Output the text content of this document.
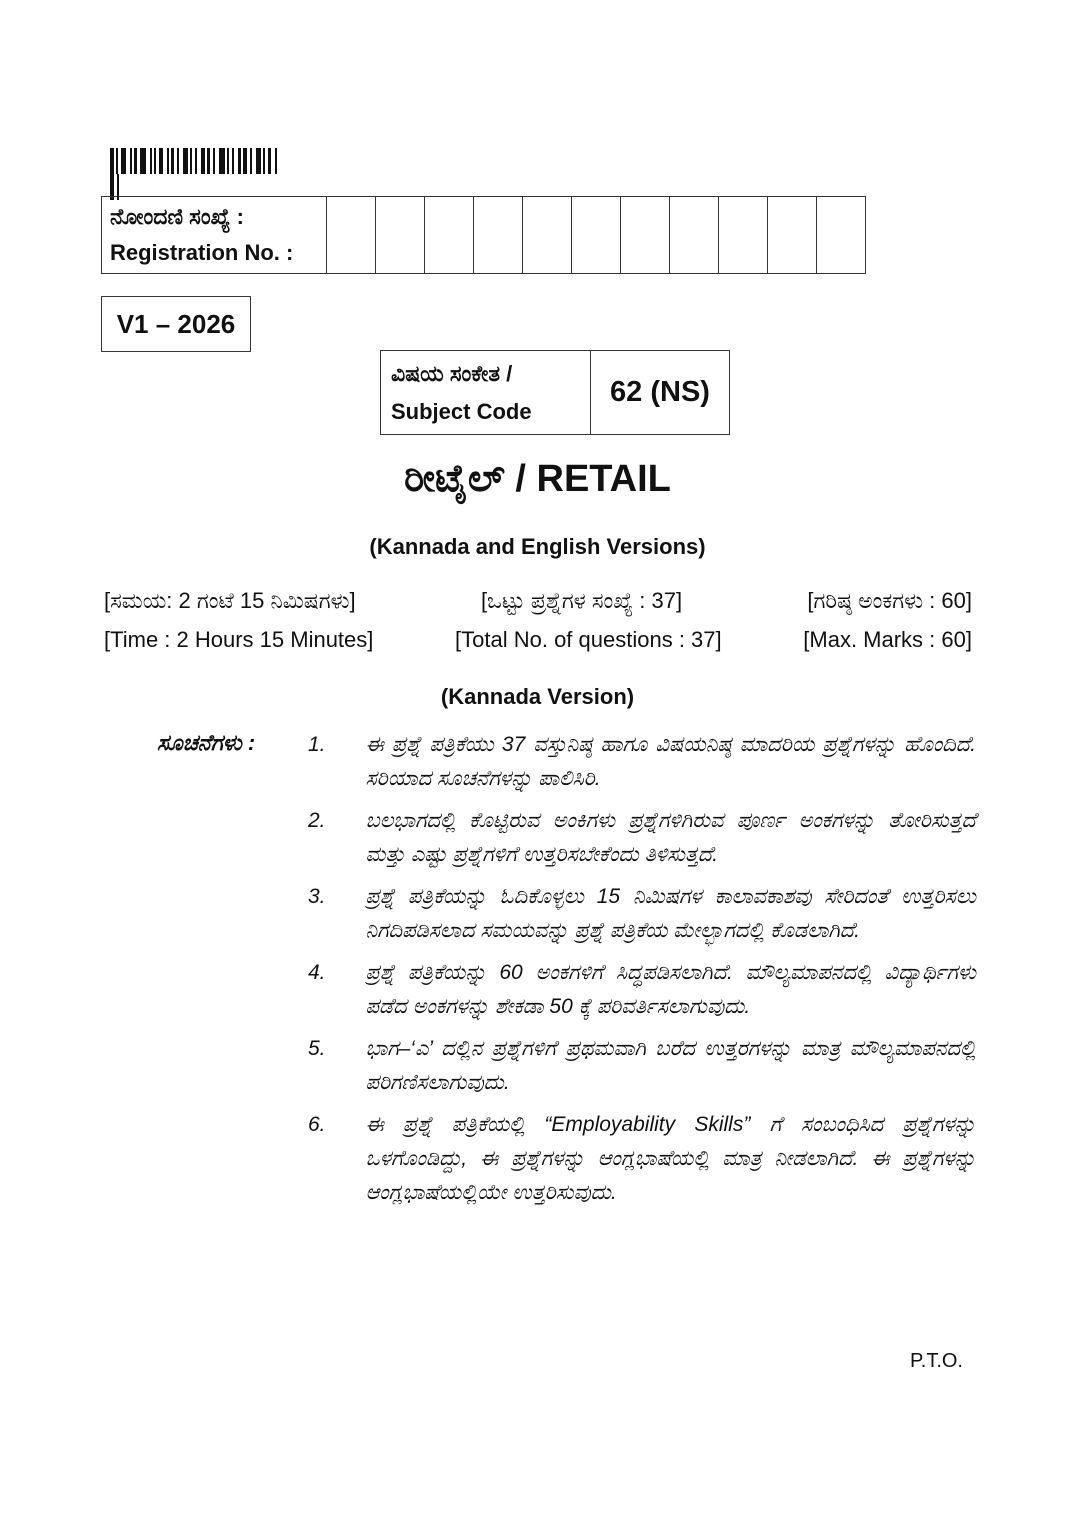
ನೋಂದಣಿ ಸಂಖ್ಯೆ :
Registration No. :

V1 – 2026
ವಿಷಯ ಸಂಕೇತ /
Subject Code
	62 (NS)
ರೀಟೈಲ್ / RETAIL
(Kannada and English Versions)
[ಸಮಯ: 2 ಗಂಟೆ 15 ನಿಮಿಷಗಳು]	[ಒಟ್ಟು ಪ್ರಶ್ನೆಗಳ ಸಂಖ್ಯೆ : 37]	[ಗರಿಷ್ಠ ಅಂಕಗಳು : 60]
[Time : 2 Hours 15 Minutes]	[Total No. of questions : 37]	[Max. Marks : 60]
(Kannada Version)
ಸೂಚನೆಗಳು :	1.	ಈ ಪ್ರಶ್ನೆ ಪತ್ರಿಕೆಯು 37 ವಸ್ತುನಿಷ್ಠ ಹಾಗೂ ವಿಷಯನಿಷ್ಠ ಮಾದರಿಯ ಪ್ರಶ್ನೆಗಳನ್ನು ಹೊಂದಿದೆ. ಸರಿಯಾದ ಸೂಚನೆಗಳನ್ನು ಪಾಲಿಸಿರಿ.
2.	ಬಲಭಾಗದಲ್ಲಿ ಕೊಟ್ಟಿರುವ ಅಂಕಿಗಳು ಪ್ರಶ್ನೆಗಳಿಗಿರುವ ಪೂರ್ಣ ಅಂಕಗಳನ್ನು ತೋರಿಸುತ್ತದೆ ಮತ್ತು ಎಷ್ಟು ಪ್ರಶ್ನೆಗಳಿಗೆ ಉತ್ತರಿಸಬೇಕೆಂದು ತಿಳಿಸುತ್ತದೆ.
3.	ಪ್ರಶ್ನೆ ಪತ್ರಿಕೆಯನ್ನು ಓದಿಕೊಳ್ಳಲು 15 ನಿಮಿಷಗಳ ಕಾಲಾವಕಾಶವು ಸೇರಿದಂತೆ ಉತ್ತರಿಸಲು ನಿಗದಿಪಡಿಸಲಾದ ಸಮಯವನ್ನು ಪ್ರಶ್ನೆ ಪತ್ರಿಕೆಯ ಮೇಲ್ಭಾಗದಲ್ಲಿ ಕೊಡಲಾಗಿದೆ.
4.	ಪ್ರಶ್ನೆ ಪತ್ರಿಕೆಯನ್ನು 60 ಅಂಕಗಳಿಗೆ ಸಿದ್ಧಪಡಿಸಲಾಗಿದೆ. ಮೌಲ್ಯಮಾಪನದಲ್ಲಿ ವಿದ್ಯಾರ್ಥಿಗಳು ಪಡೆದ ಅಂಕಗಳನ್ನು ಶೇಕಡಾ 50 ಕ್ಕೆ ಪರಿವರ್ತಿಸಲಾಗುವುದು.
5.	ಭಾಗ–‘ಎ’ ದಲ್ಲಿನ ಪ್ರಶ್ನೆಗಳಿಗೆ ಪ್ರಥಮವಾಗಿ ಬರೆದ ಉತ್ತರಗಳನ್ನು ಮಾತ್ರ ಮೌಲ್ಯಮಾಪನದಲ್ಲಿ ಪರಿಗಣಿಸಲಾಗುವುದು.
6.	ಈ ಪ್ರಶ್ನೆ ಪತ್ರಿಕೆಯಲ್ಲಿ “Employability Skills” ಗೆ ಸಂಬಂಧಿಸಿದ ಪ್ರಶ್ನೆಗಳನ್ನು ಒಳಗೊಂಡಿದ್ದು, ಈ ಪ್ರಶ್ನೆಗಳನ್ನು ಆಂಗ್ಲಭಾಷೆಯಲ್ಲಿ ಮಾತ್ರ ನೀಡಲಾಗಿದೆ. ಈ ಪ್ರಶ್ನೆಗಳನ್ನು ಆಂಗ್ಲಭಾಷೆಯಲ್ಲಿಯೇ ಉತ್ತರಿಸುವುದು.
P.T.O.
